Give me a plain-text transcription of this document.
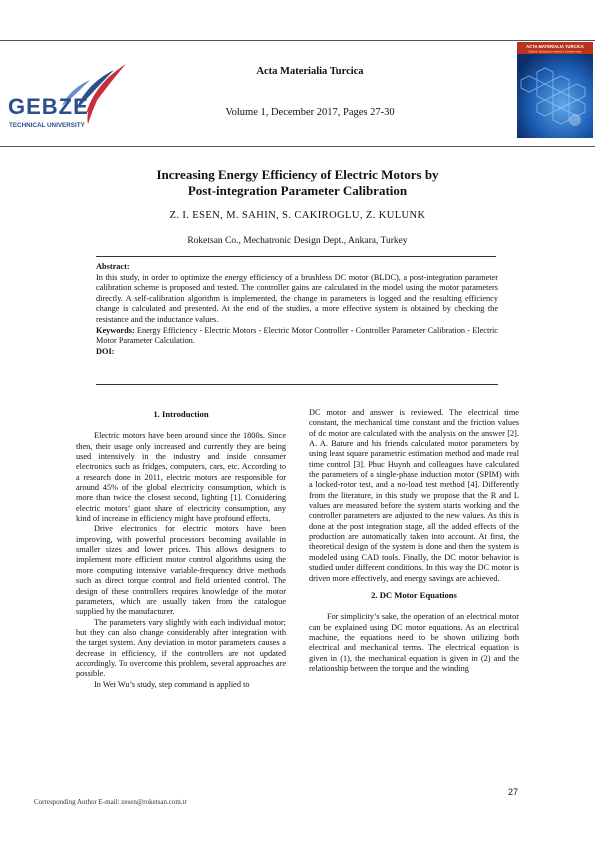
GEBZE
TECHNICAL UNIVERSITY
Acta Materialia Turcica
Volume 1, December 2017, Pages 27-30
ACTA MATERIALIA TURCICA
Editorial, bibliographic research & scientific resear
Increasing Energy Efficiency of Electric Motors by
Post-integration Parameter Calibration
Z. I. ESEN, M. SAHIN, S. CAKIROGLU, Z. KULUNK
Roketsan Co., Mechatronic Design Dept., Ankara, Turkey

Abstract:

In this study, in order to optimize the energy efficiency of a brushless DC motor (BLDC), a post-integration parameter calibration scheme is proposed and tested. The controller gains are calculated in the model using the motor parameters directly. A self-calibration algorithm is implemented, the change in parameters is logged and the resulting efficiency change is calculated and presented. At the end of the studies, a more effective system is obtained by checking the resistance and the inductance values.

Keywords: Energy Efficiency - Electric Motors - Electric Motor Controller - Controller Parameter Calibration - Electric Motor Parameter Calculation.

DOI:

1. Introduction

Electric motors have been around since the 1800s. Since then, their usage only increased and currently they are being used intensively in the industry and inside consumer electronics such as fridges, computers, cars, etc. According to a research done in 2011, electric motors are responsible for around 45% of the global electricity consumption, which is more than twice the closest second, lighting [1]. Considering electric motors’ giant share of electricity consumption, any kind of increase in efficiency might have profound effects.

Drive electronics for electric motors have been improving, with powerful processors becoming available in smaller sizes and lower prices. This allows designers to implement more efficient motor control algorithms using the more computing intensive variable-frequency drive methods such as direct torque control and field oriented control. The design of these controllers requires knowledge of the motor parameters, which are usually taken from the catalogue supplied by the manufacturer.

The parameters vary slightly with each individual motor; but they can also change considerably after integration with the target system. Any deviation in motor parameters causes a decrease in efficiency, if the controllers are not updated accordingly. To overcome this problem, several approaches are possible.

In Wei Wu’s study, step command is applied to

DC motor and answer is reviewed. The electrical time constant, the mechanical time constant and the friction values of dc motor are calculated with the analysis on the answer [2]. A. A. Bature and his friends calculated motor parameters by using least square parametric estimation method and made real time control [3]. Phuc Huynh and colleagues have calculated the parameters of a single-phase induction motor (SPIM) with a locked-rotor test, and a no-load test method [4]. Differently from the literature, in this study we propose that the R and L values are measured before the system starts working and the controller parameters are adjusted to the new values. As this is done at the post integration stage, all the added effects of the production are automatically taken into account. At first, the theoretical design of the system is done and then the system is modeled using CAD tools. Finally, the DC motor behavior is studied under different conditions. In this way the DC motor is driven more effectively, and energy savings are achieved.

2. DC Motor Equations

For simplicity’s sake, the operation of an electrical motor can be explained using DC motor equations. As an electrical machine, the equations need to be shown utilizing both electrical and mechanical terms. The electrical equation is given in (1), the mechanical equation is given in (2) and the relationship between the torque and the winding

27
Corresponding Author E-mail: zesen@roketsan.com.tr
